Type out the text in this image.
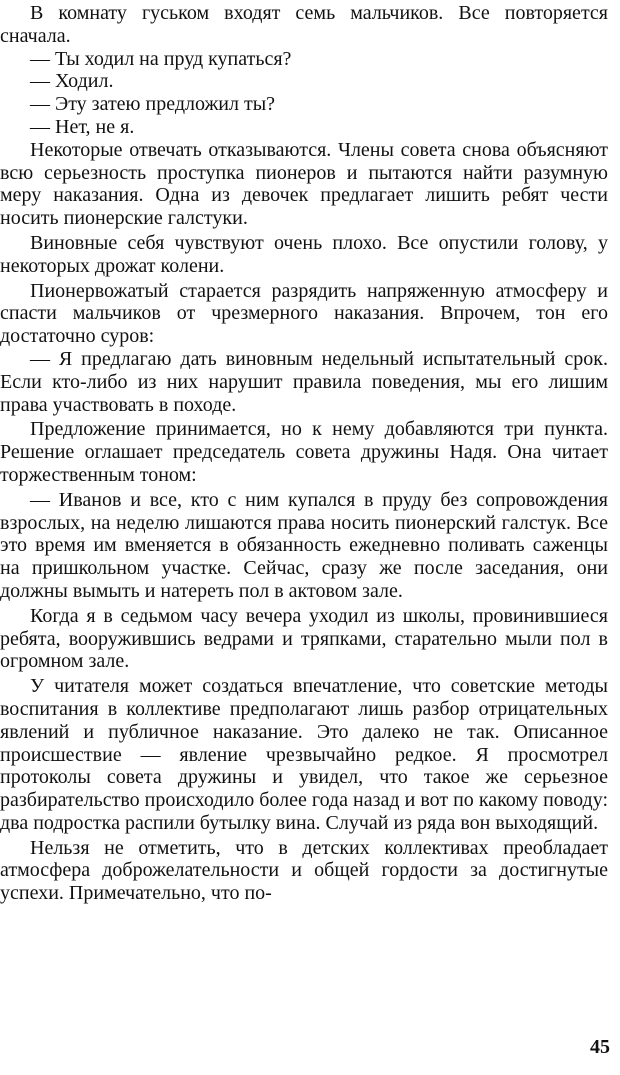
В комнату гуськом входят семь мальчиков. Все повторяется сначала.

— Ты ходил на пруд купаться?

— Ходил.

— Эту затею предложил ты?

— Нет, не я.

Некоторые отвечать отказываются. Члены совета снова объясняют всю серьезность проступка пионеров и пытаются найти разумную меру наказания. Одна из девочек предлагает лишить ребят чести носить пионерские галстуки.

Виновные себя чувствуют очень плохо. Все опустили голову, у некоторых дрожат колени.

Пионервожатый старается разрядить напряженную атмосферу и спасти мальчиков от чрезмерного наказания. Впрочем, тон его достаточно суров:

— Я предлагаю дать виновным недельный испытательный срок. Если кто-либо из них нарушит правила поведения, мы его лишим права участвовать в походе.

Предложение принимается, но к нему добавляются три пункта. Решение оглашает председатель совета дружины Надя. Она читает торжественным тоном:

— Иванов и все, кто с ним купался в пруду без сопровождения взрослых, на неделю лишаются права носить пионерский галстук. Все это время им вменяется в обязанность ежедневно поливать саженцы на пришкольном участке. Сейчас, сразу же после заседания, они должны вымыть и натереть пол в актовом зале.

Когда я в седьмом часу вечера уходил из школы, провинившиеся ребята, вооружившись ведрами и тряпками, старательно мыли пол в огромном зале.

У читателя может создаться впечатление, что советские методы воспитания в коллективе предполагают лишь разбор отрицательных явлений и публичное наказание. Это далеко не так. Описанное происшествие — явление чрезвычайно редкое. Я просмотрел протоколы совета дружины и увидел, что такое же серьезное разбирательство происходило более года назад и вот по какому поводу: два подростка распили бутылку вина. Случай из ряда вон выходящий.

Нельзя не отметить, что в детских коллективах преобладает атмосфера доброжелательности и общей гордости за достигнутые успехи. Примечательно, что по-

45
